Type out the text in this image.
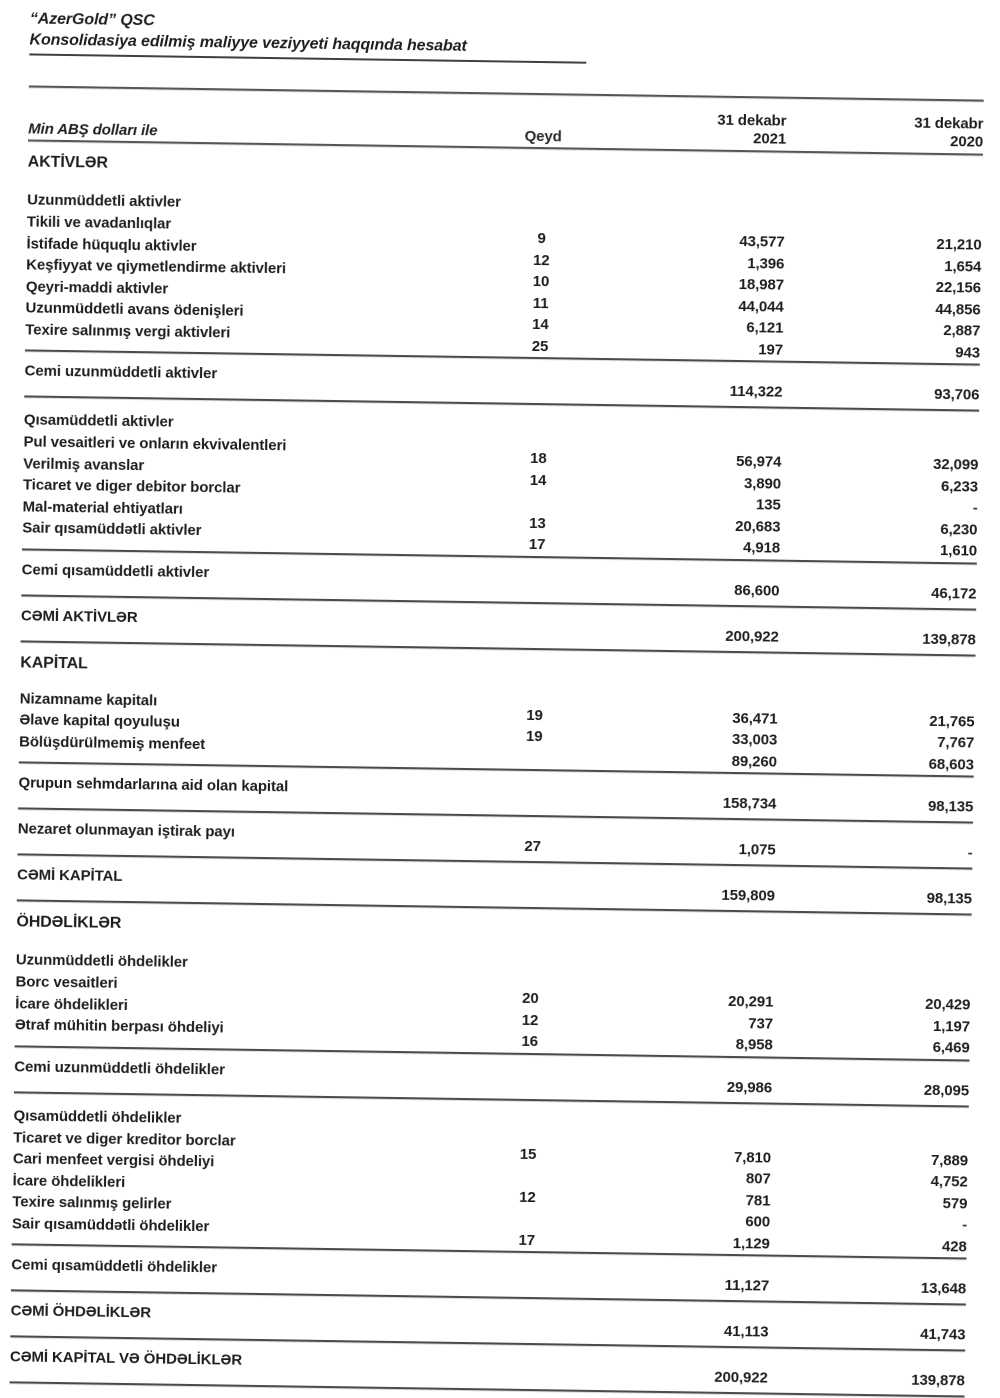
“AzerGold” QSC
Konsolidasiya edilmiş maliyye veziyyeti haqqında hesabat
Min ABŞ dolları ile	Qeyd
31 dekabr
2021
31 dekabr
2020
AKTİVLƏR
Uzunmüddetli aktivler
Tikili ve avadanlıqlar
9	43,577	21,210
İstifade hüquqlu aktivler
12	1,396	1,654
Keşfiyyat ve qiymetlendirme aktivleri
10	18,987	22,156
Qeyri-maddi aktivler
11	44,044	44,856
Uzunmüddetli avans ödenişleri
14	6,121	2,887
Texire salınmış vergi aktivleri
25	197	943
Cemi uzunmüddetli aktivler
114,322	93,706
Qısamüddetli aktivler
Pul vesaitleri ve onların ekvivalentleri
18	56,974	32,099
Verilmiş avanslar
14	3,890	6,233
Ticaret ve diger debitor borclar
135	-
Mal-material ehtiyatları
13	20,683	6,230
Sair qısamüddətli aktivler
17	4,918	1,610
Cemi qısamüddetli aktivler
86,600	46,172
CƏMİ AKTİVLƏR
200,922	139,878
KAPİTAL
Nizamname kapitalı
19	36,471	21,765
Əlave kapital qoyuluşu
19	33,003	7,767
Bölüşdürülmemiş menfeet
89,260	68,603
Qrupun sehmdarlarına aid olan kapital
158,734	98,135
Nezaret olunmayan iştirak payı
27	1,075	-
CƏMİ KAPİTAL
159,809	98,135
ÖHDƏLİKLƏR
Uzunmüddetli öhdelikler
Borc vesaitleri
20	20,291	20,429
İcare öhdelikleri
12	737	1,197
Ətraf mühitin berpası öhdeliyi
16	8,958	6,469
Cemi uzunmüddetli öhdelikler
29,986	28,095
Qısamüddetli öhdelikler
Ticaret ve diger kreditor borclar
15	7,810	7,889
Cari menfeet vergisi öhdeliyi
807	4,752
İcare öhdelikleri
12	781	579
Texire salınmış gelirler
600	-
Sair qısamüddətli öhdelikler
17	1,129	428
Cemi qısamüddetli öhdelikler
11,127	13,648
CƏMİ ÖHDƏLİKLƏR
41,113	41,743
CƏMİ KAPİTAL VƏ ÖHDƏLİKLƏR
200,922	139,878
